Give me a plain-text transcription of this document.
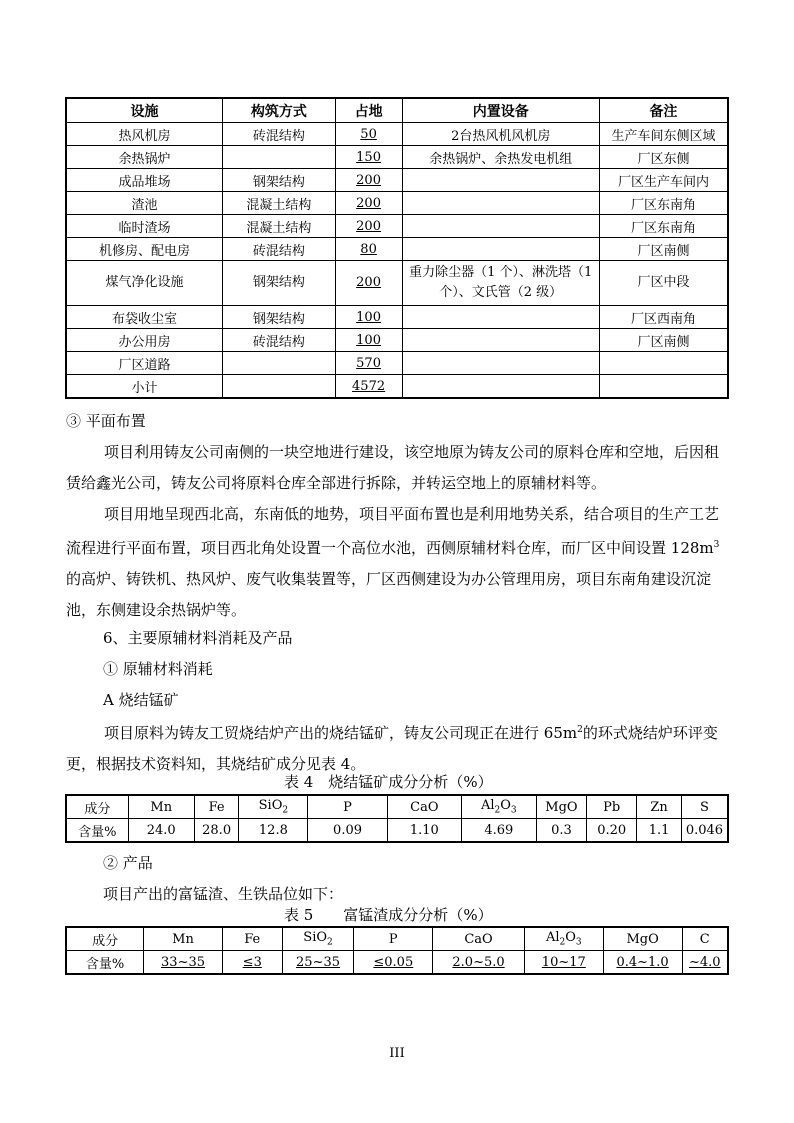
设施	构筑方式	占地	内置设备	备注
热风机房	砖混结构	50	2台热风机风机房	生产车间东侧区域
余热锅炉		150	余热锅炉、余热发电机组	厂区东侧
成品堆场	钢架结构	200		厂区生产车间内
渣池	混凝土结构	200		厂区东南角
临时渣场	混凝土结构	200		厂区东南角
机修房、配电房	砖混结构	80		厂区南侧
煤气净化设施	钢架结构	200	重力除尘器（1 个）、淋洗塔（1 个）、文氏管（2 级）	厂区中段
布袋收尘室	钢架结构	100		厂区西南角
办公用房	砖混结构	100		厂区南侧
厂区道路		570		
小计		4572		
③ 平面布置

项目利用铸友公司南侧的一块空地进行建设，该空地原为铸友公司的原料仓库和空地，后因租赁给鑫光公司，铸友公司将原料仓库全部进行拆除，并转运空地上的原辅材料等。

项目用地呈现西北高，东南低的地势，项目平面布置也是利用地势关系，结合项目的生产工艺流程进行平面布置，项目西北角处设置一个高位水池，西侧原辅材料仓库，而厂区中间设置 $128m^3$的高炉、铸铁机、热风炉、废气收集装置等，厂区西侧建设为办公管理用房，项目东南角建设沉淀池，东侧建设余热锅炉等。

6、主要原辅材料消耗及产品
① 原辅材料消耗
A 烧结锰矿

项目原料为铸友工贸烧结炉产出的烧结锰矿，铸友公司现正在进行 $65m^2$的环式烧结炉环评变更，根据技术资料知，其烧结矿成分见表 4。

表 4　烧结锰矿成分分析（%）
成分	Mn	Fe	SiO$_2$	P	CaO	$Al_2O_3$	MgO	Pb	Zn	S
含量%	24.0	28.0	12.8	0.09	1.10	4.69	0.3	0.20	1.1	0.046
② 产品
项目产出的富锰渣、生铁品位如下：
表 5　　富锰渣成分分析（%）
成分	Mn	Fe	SiO$_2$	P	CaO	$Al_2O_3$	MgO	C
含量%	33~35	≤3	25~35	≤0.05	2.0~5.0	10~17	0.4~1.0	~4.0
III
